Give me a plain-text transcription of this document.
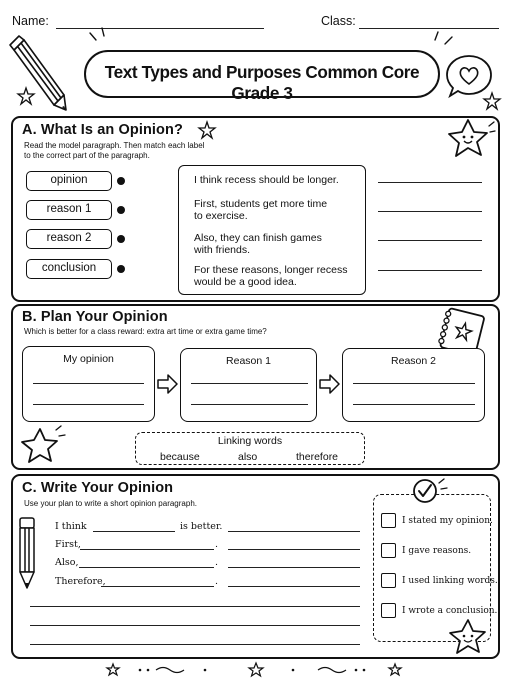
Name:	Class:
Text Types and Purposes Common Core Grade 3
A. What Is an Opinion?
Read the model paragraph. Then match each label
to the correct part of the paragraph.
opinion
reason 1
reason 2
conclusion
I think recess should be longer.
First, students get more time
to exercise.
Also, they can finish games
with friends.
For these reasons, longer recess
would be a good idea.
B. Plan Your Opinion
Which is better for a class reward: extra art time or extra game time?
My opinion	Reason 1	Reason 2
Linking words
because	also	therefore
C. Write Your Opinion
Use your plan to write a short opinion paragraph.
I think	is better.
First,	.
Also,	.
Therefore,	.
I stated my opinion.
I gave reasons.
I used linking words.
I wrote a conclusion.
